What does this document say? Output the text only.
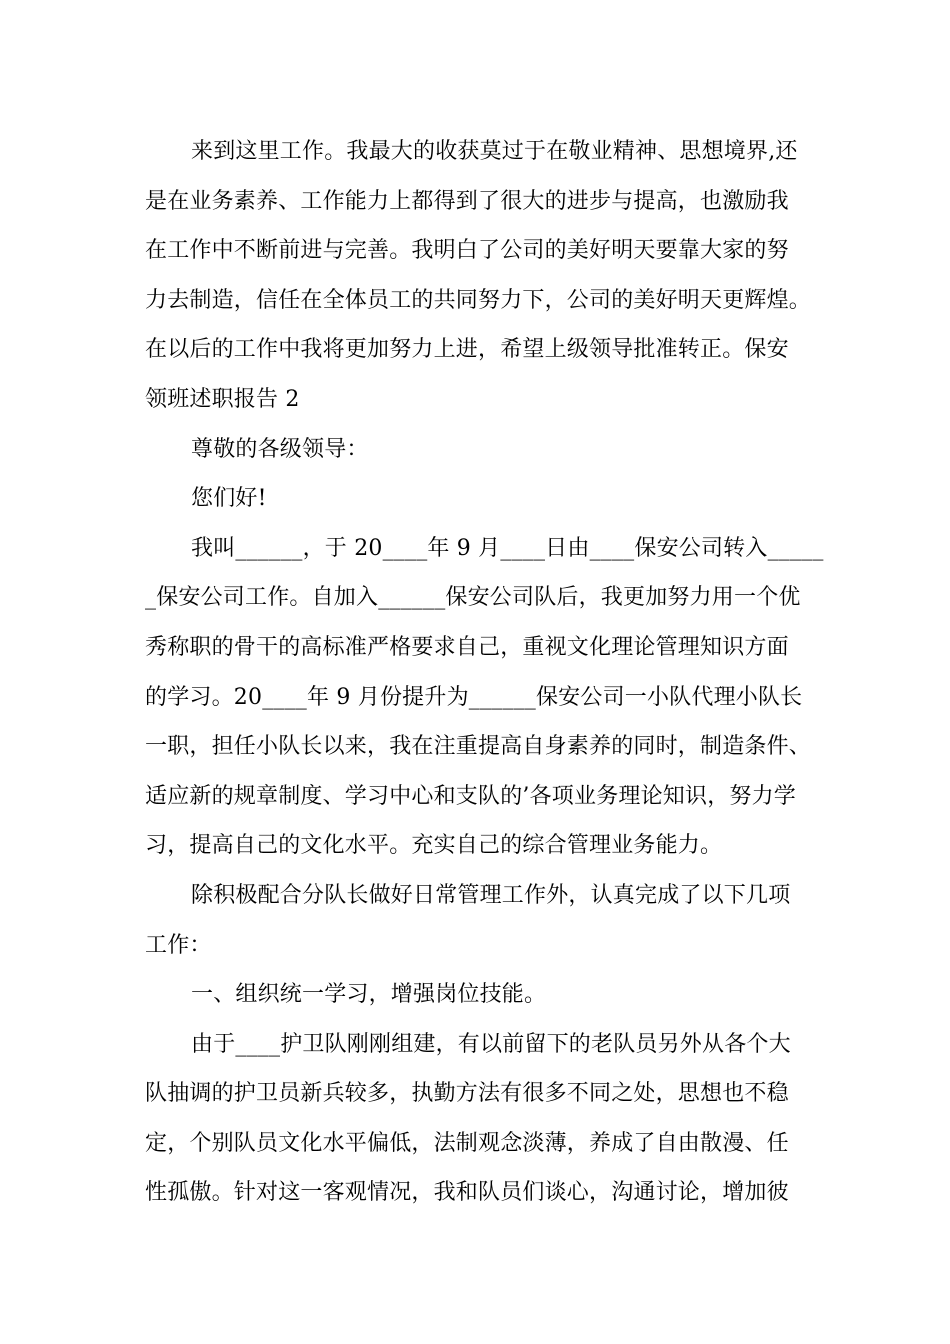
来到这里工作。我最大的收获莫过于在敬业精神、思想境界,还
是在业务素养、工作能力上都得到了很大的进步与提高，也激励我
在工作中不断前进与完善。我明白了公司的美好明天要靠大家的努
力去制造，信任在全体员工的共同努力下，公司的美好明天更辉煌。
在以后的工作中我将更加努力上进，希望上级领导批准转正。保安
领班述职报告 2
尊敬的各级领导：
您们好!
我叫______，于 20____年 9 月____日由____保安公司转入_____
_保安公司工作。自加入______保安公司队后，我更加努力用一个优
秀称职的骨干的高标准严格要求自己，重视文化理论管理知识方面
的学习。20____年 9 月份提升为______保安公司一小队代理小队长
一职，担任小队长以来，我在注重提高自身素养的同时，制造条件、
适应新的规章制度、学习中心和支队的’各项业务理论知识，努力学
习，提高自己的文化水平。充实自己的综合管理业务能力。
除积极配合分队长做好日常管理工作外，认真完成了以下几项
工作：
一、组织统一学习，增强岗位技能。
由于____护卫队刚刚组建，有以前留下的老队员另外从各个大
队抽调的护卫员新兵较多，执勤方法有很多不同之处，思想也不稳
定，个别队员文化水平偏低，法制观念淡薄，养成了自由散漫、任
性孤傲。针对这一客观情况，我和队员们谈心，沟通讨论，增加彼
